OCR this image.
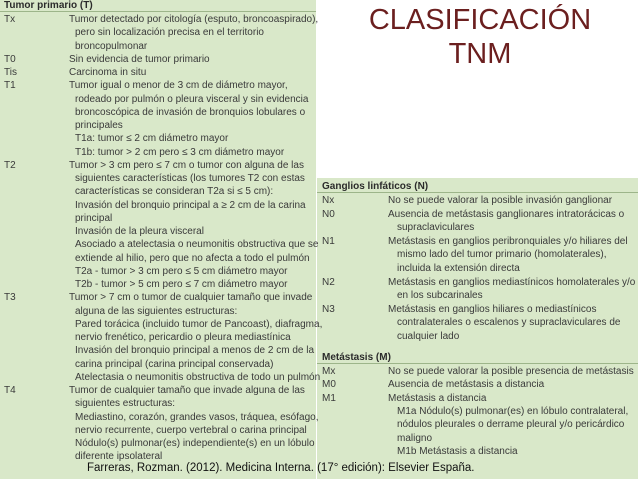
CLASIFICACIÓN
TNM
Tumor primario (T)
Tx	Tumor detectado por citología (esputo, broncoaspirado),
pero sin localización precisa en el territorio
broncopulmonar
T0	Sin evidencia de tumor primario
Tis	Carcinoma in situ
T1	Tumor igual o menor de 3 cm de diámetro mayor,
rodeado por pulmón o pleura visceral y sin evidencia
broncoscópica de invasión de bronquios lobulares o
principales
T1a: tumor ≤ 2 cm diámetro mayor
T1b: tumor > 2 cm pero ≤ 3 cm diámetro mayor
T2	Tumor > 3 cm pero ≤ 7 cm o tumor con alguna de las
siguientes características (los tumores T2 con estas
características se consideran T2a si ≤ 5 cm):
Invasión del bronquio principal a ≥ 2 cm de la carina
principal
Invasión de la pleura visceral
Asociado a atelectasia o neumonitis obstructiva que se
extiende al hilio, pero que no afecta a todo el pulmón
T2a - tumor > 3 cm pero ≤ 5 cm diámetro mayor
T2b - tumor > 5 cm pero ≤ 7 cm diámetro mayor
T3	Tumor > 7 cm o tumor de cualquier tamaño que invade
alguna de las siguientes estructuras:
Pared torácica (incluido tumor de Pancoast), diafragma,
nervio frenético, pericardio o pleura mediastínica
Invasión del bronquio principal a menos de 2 cm de la
carina principal (carina principal conservada)
Atelectasia o neumonitis obstructiva de todo un pulmón
T4	Tumor de cualquier tamaño que invade alguna de las
siguientes estructuras:
Mediastino, corazón, grandes vasos, tráquea, esófago,
nervio recurrente, cuerpo vertebral o carina principal
Nódulo(s) pulmonar(es) independiente(s) en un lóbulo
diferente ipsolateral
Ganglios linfáticos (N)
Nx	No se puede valorar la posible invasión ganglionar
N0	Ausencia de metástasis ganglionares intratorácicas o
supraclaviculares
N1	Metástasis en ganglios peribronquiales y/o hiliares del
mismo lado del tumor primario (homolaterales),
incluida la extensión directa
N2	Metástasis en ganglios mediastínicos homolaterales y/o
en los subcarinales
N3	Metástasis en ganglios hiliares o mediastínicos
contralaterales o escalenos y supraclaviculares de
cualquier lado
Metástasis (M)
Mx	No se puede valorar la posible presencia de metástasis
M0	Ausencia de metástasis a distancia
M1	Metástasis a distancia
M1a Nódulo(s) pulmonar(es) en lóbulo contralateral,
nódulos pleurales o derrame pleural y/o pericárdico
maligno
M1b Metástasis a distancia
Farreras, Rozman. (2012). Medicina Interna. (17° edición): Elsevier España.
